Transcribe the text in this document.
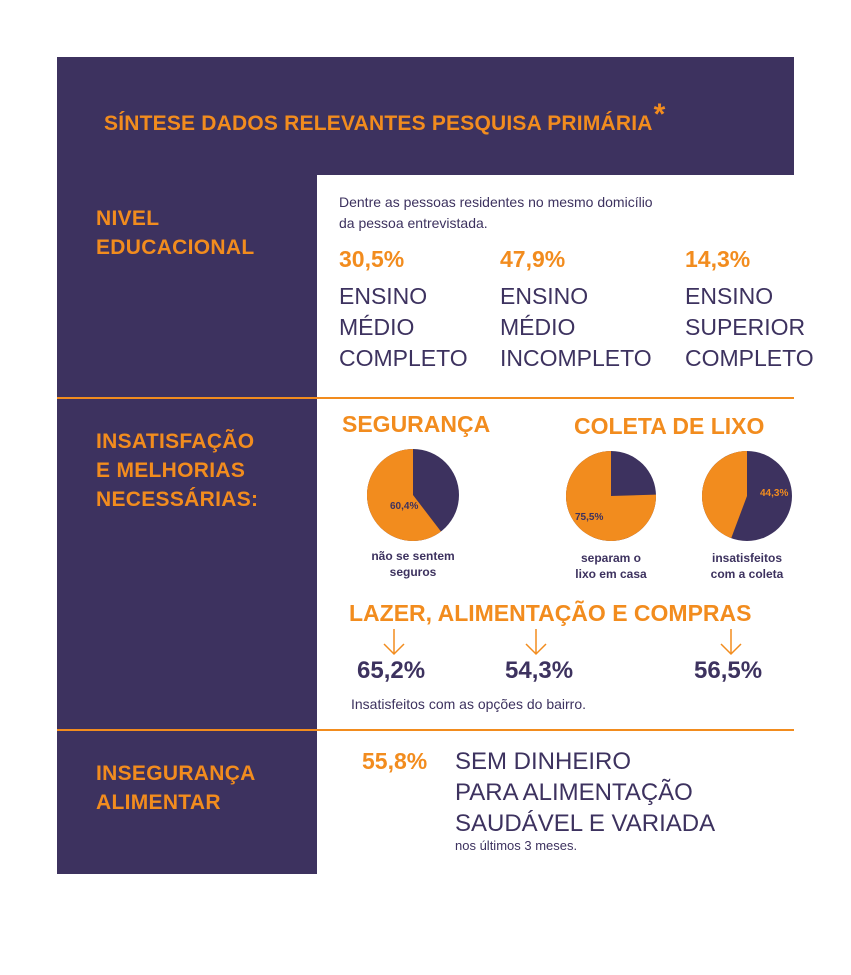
SÍNTESE DADOS RELEVANTES PESQUISA PRIMÁRIA*
NIVEL
EDUCACIONAL
Dentre as pessoas residentes no mesmo domicílio
da pessoa entrevistada.
30,5%
ENSINO
MÉDIO
COMPLETO
47,9%
ENSINO
MÉDIO
INCOMPLETO
14,3%
ENSINO
SUPERIOR
COMPLETO
INSATISFAÇÃO
E MELHORIAS
NECESSÁRIAS:
SEGURANÇA	COLETA DE LIXO
60,4%
75,5%
44,3%
não se sentem
seguros
separam o
lixo em casa
insatisfeitos
com a coleta
LAZER, ALIMENTAÇÃO E COMPRAS
65,2%	54,3%	56,5%
Insatisfeitos com as opções do bairro.
INSEGURANÇA
ALIMENTAR
55,8% SEM DINHEIRO
PARA ALIMENTAÇÃO
SAUDÁVEL E VARIADA
nos últimos 3 meses.
